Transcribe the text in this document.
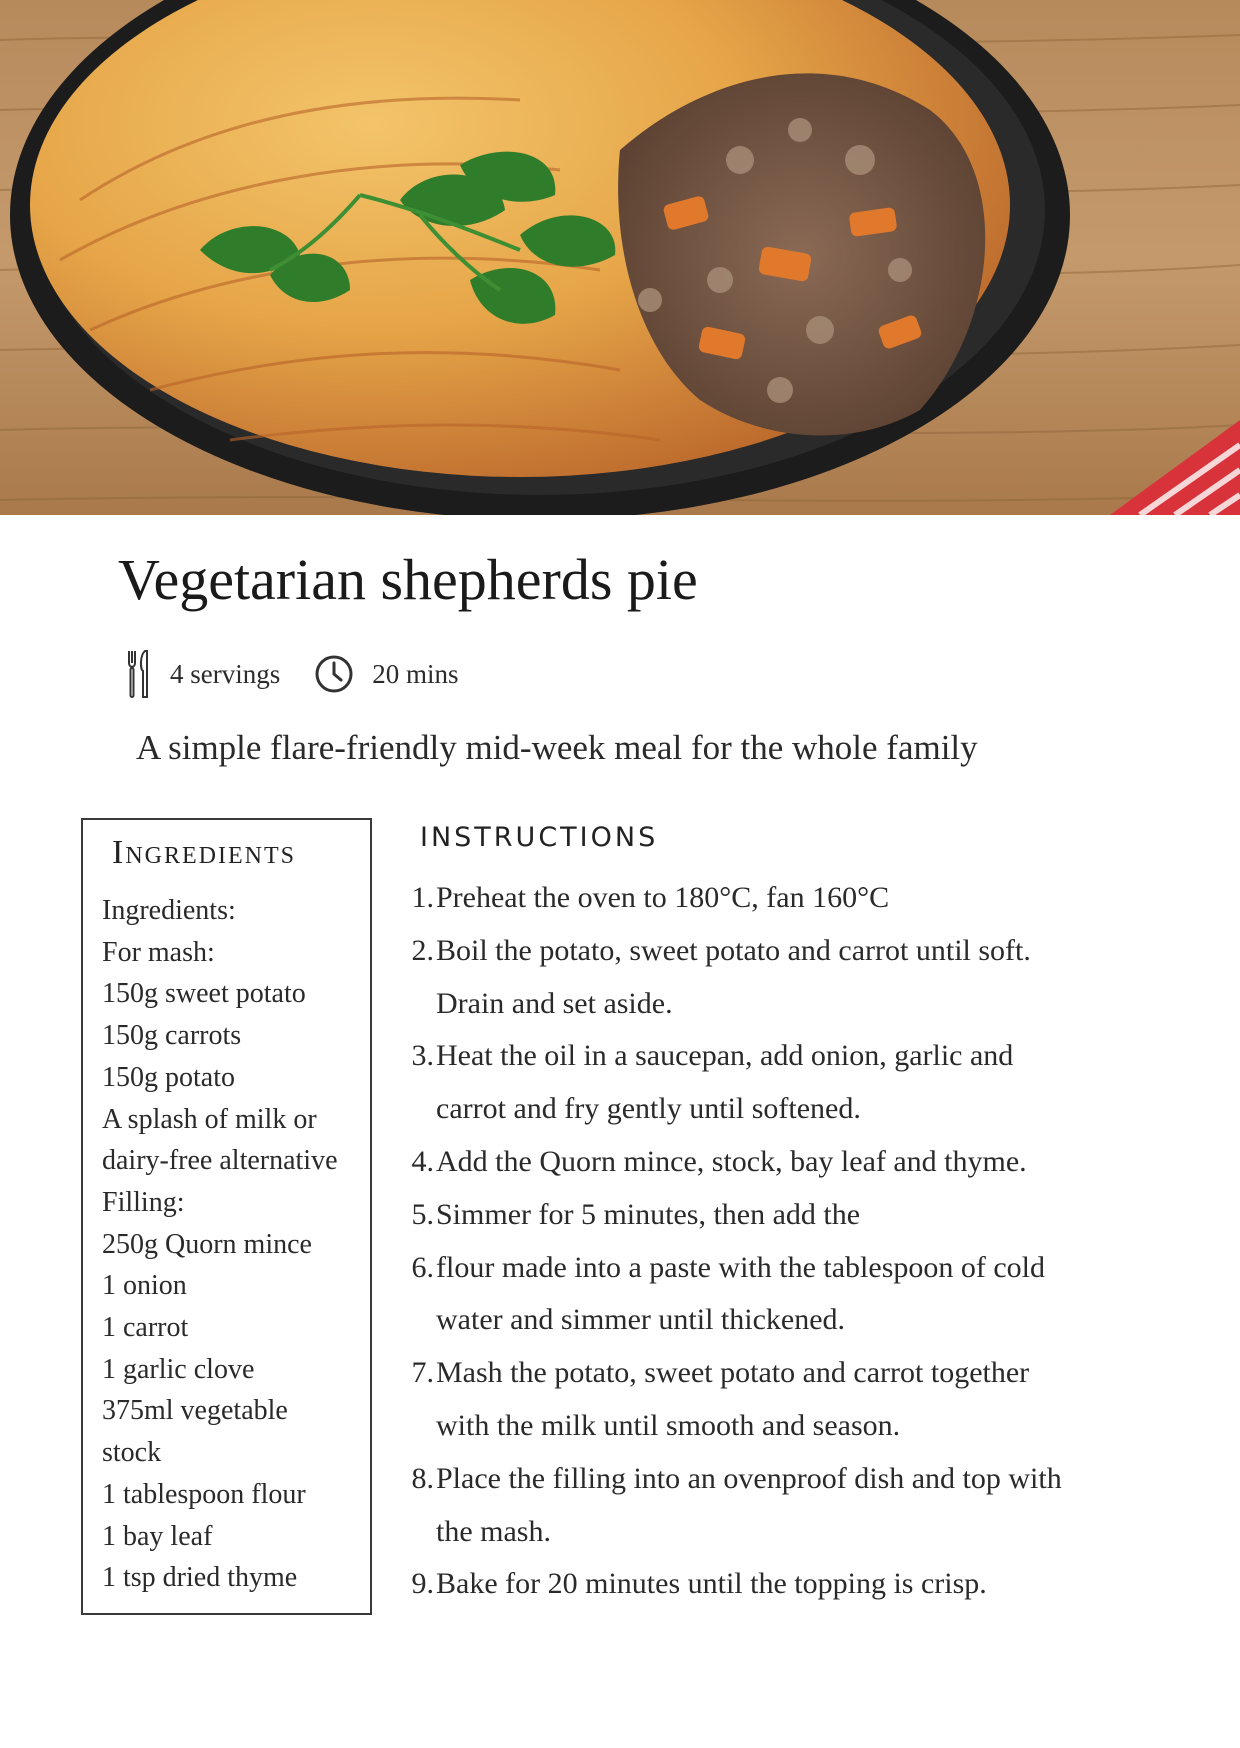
Vegetarian shepherds pie
4 servings	20 mins
A simple flare-friendly mid-week meal for the whole family
Ingredients
Ingredients:
For mash:
150g sweet potato
150g carrots
150g potato
A splash of milk or
dairy-free alternative
Filling:
250g Quorn mince
1 onion
1 carrot
1 garlic clove
375ml vegetable
stock
1 tablespoon flour
1 bay leaf
1 tsp dried thyme
INSTRUCTIONS
1. Preheat the oven to 180°C, fan 160°C
2. Boil the potato, sweet potato and carrot until soft.
Drain and set aside.
3. Heat the oil in a saucepan, add onion, garlic and
carrot and fry gently until softened.
4. Add the Quorn mince, stock, bay leaf and thyme.
5. Simmer for 5 minutes, then add the
6. flour made into a paste with the tablespoon of cold
water and simmer until thickened.
7. Mash the potato, sweet potato and carrot together
with the milk until smooth and season.
8. Place the filling into an ovenproof dish and top with
the mash.
9. Bake for 20 minutes until the topping is crisp.
